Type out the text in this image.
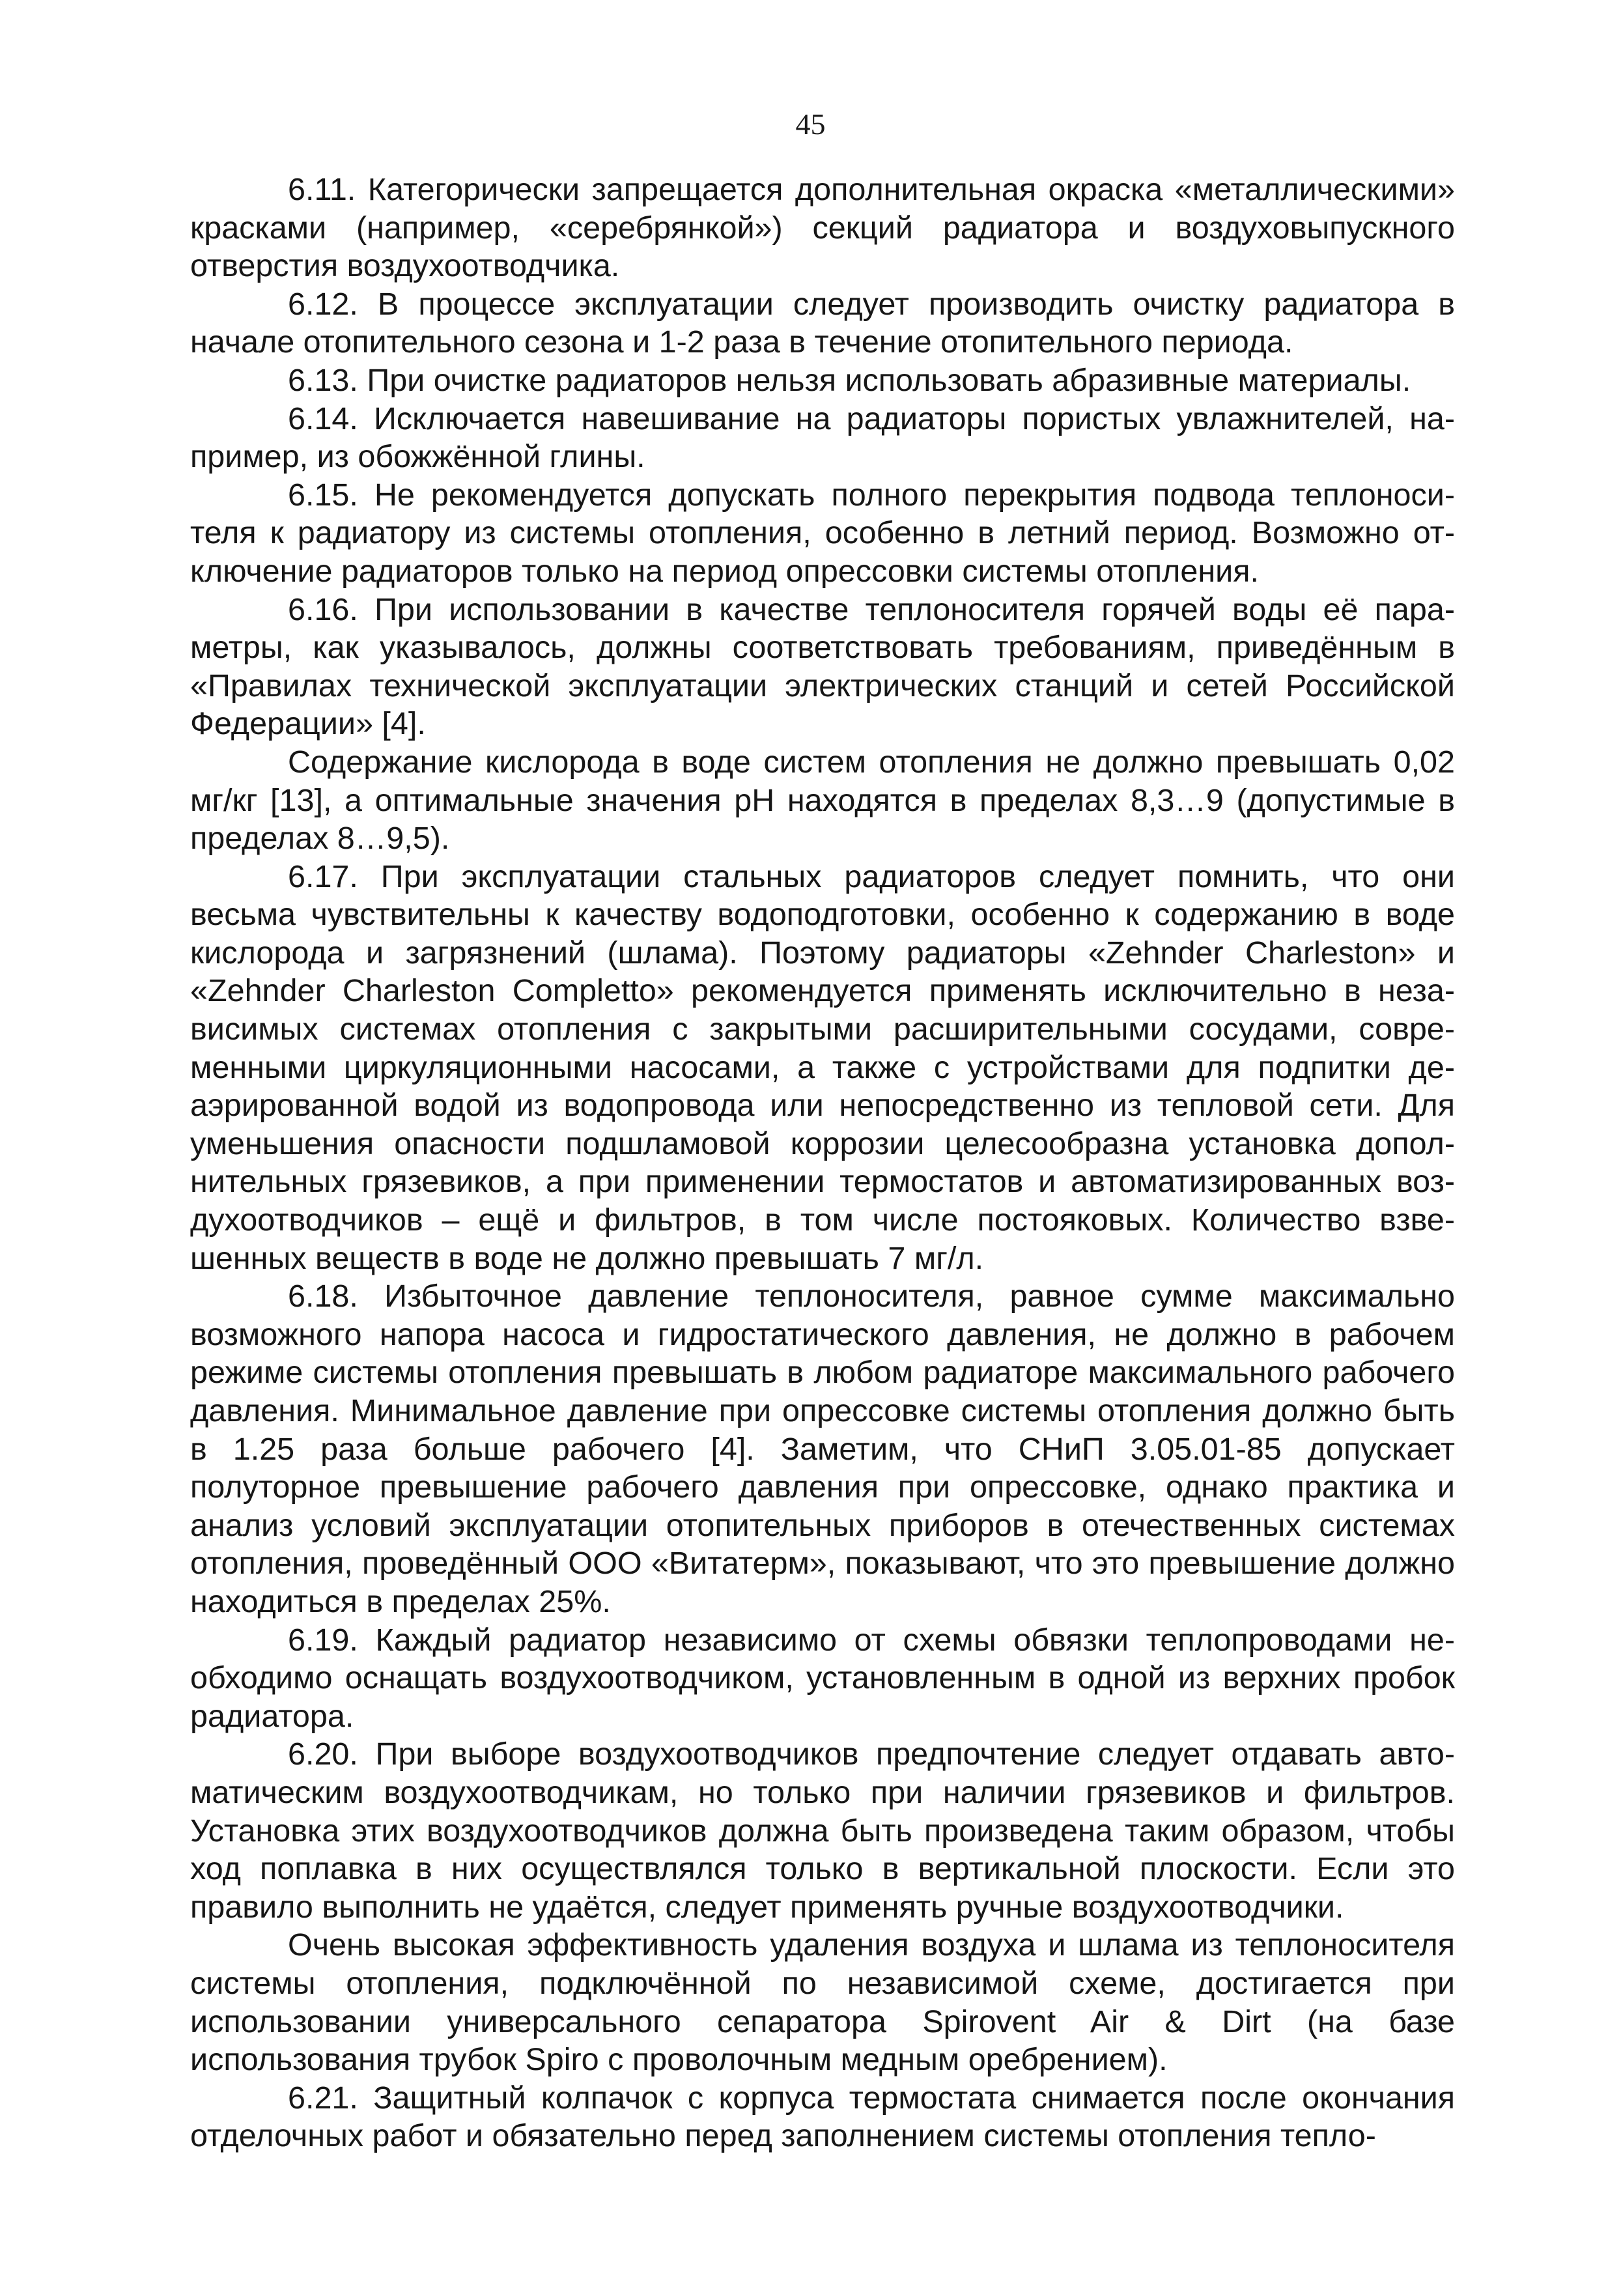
45

6.11. Категорически запрещается дополнительная окраска «металлическими» красками (например, «серебрянкой») секций радиатора и воздуховыпускного отверстия воздухоотводчика.

6.12. В процессе эксплуатации следует производить очистку радиатора в начале отопительного сезона и 1-2 раза в течение отопительного периода.

6.13. При очистке радиаторов нельзя использовать абразивные материалы.

6.14. Исключается навешивание на радиаторы пористых увлажнителей, например, из обожжённой глины.

6.15. Не рекомендуется допускать полного перекрытия подвода теплоносителя к радиатору из системы отопления, особенно в летний период. Возможно отключение радиаторов только на период опрессовки системы отопления.

6.16. При использовании в качестве теплоносителя горячей воды её параметры, как указывалось, должны соответствовать требованиям, приведённым в «Правилах технической эксплуатации электрических станций и сетей Российской Федерации» [4].

Содержание кислорода в воде систем отопления не должно превышать 0,02 мг/кг [13], а оптимальные значения pH находятся в пределах 8,3…9 (допустимые в пределах 8…9,5).

6.17. При эксплуатации стальных радиаторов следует помнить, что они весьма чувствительны к качеству водоподготовки, особенно к содержанию в воде кислорода и загрязнений (шлама). Поэтому радиаторы «Zehnder Charleston» и «Zehnder Charleston Completto» рекомендуется применять исключительно в независимых системах отопления с закрытыми расширительными сосудами, современными циркуляционными насосами, а также с устройствами для подпитки деаэрированной водой из водопровода или непосредственно из тепловой сети. Для уменьшения опасности подшламовой коррозии целесообразна установка дополнительных грязевиков, а при применении термостатов и автоматизированных воздухоотводчиков – ещё и фильтров, в том числе постояковых. Количество взвешенных веществ в воде не должно превышать 7 мг/л.

6.18. Избыточное давление теплоносителя, равное сумме максимально возможного напора насоса и гидростатического давления, не должно в рабочем режиме системы отопления превышать в любом радиаторе максимального рабочего давления. Минимальное давление при опрессовке системы отопления должно быть в 1.25 раза больше рабочего [4]. Заметим, что СНиП 3.05.01-85 допускает полуторное превышение рабочего давления при опрессовке, однако практика и анализ условий эксплуатации отопительных приборов в отечественных системах отопления, проведённый ООО «Витатерм», показывают, что это превышение должно находиться в пределах 25%.

6.19. Каждый радиатор независимо от схемы обвязки теплопроводами необходимо оснащать воздухоотводчиком, установленным в одной из верхних пробок радиатора.

6.20. При выборе воздухоотводчиков предпочтение следует отдавать автоматическим воздухоотводчикам, но только при наличии грязевиков и фильтров. Установка этих воздухоотводчиков должна быть произведена таким образом, чтобы ход поплавка в них осуществлялся только в вертикальной плоскости. Если это правило выполнить не удаётся, следует применять ручные воздухоотводчики.

Очень высокая эффективность удаления воздуха и шлама из теплоносителя системы отопления, подключённой по независимой схеме, достигается при использовании универсального сепаратора Spirovent Air & Dirt (на базе использования трубок Spiro с проволочным медным оребрением).

6.21. Защитный колпачок с корпуса термостата снимается после окончания отделочных работ и обязательно перед заполнением системы отопления тепло-
